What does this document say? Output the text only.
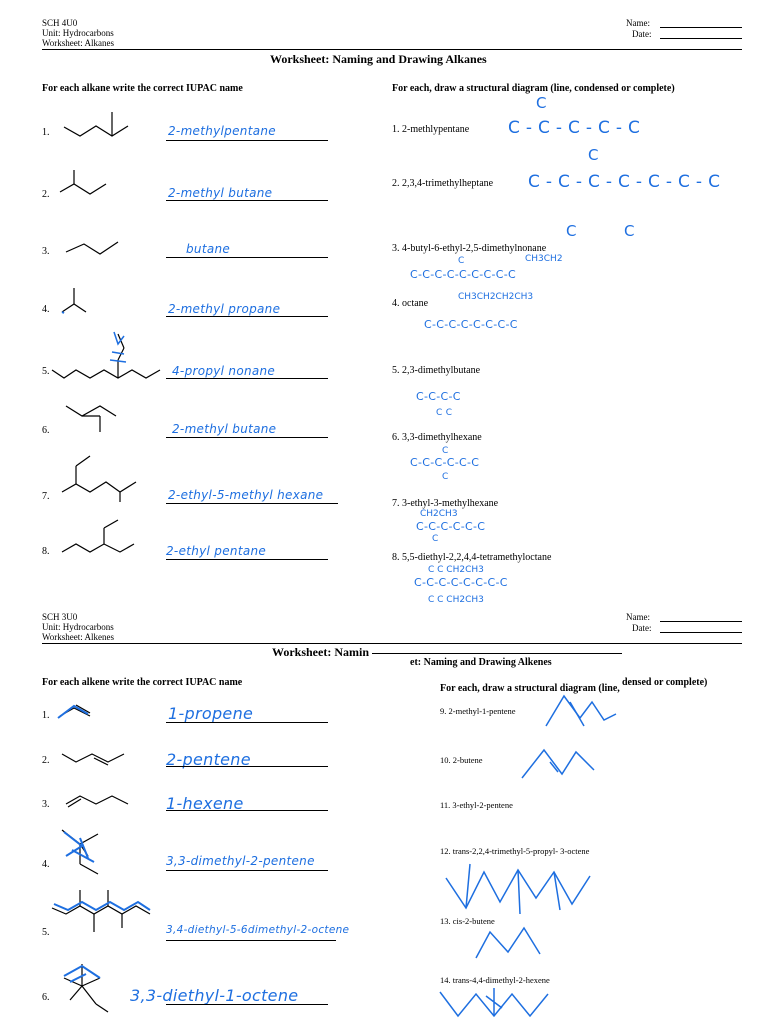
SCH 4U0
Unit: Hydrocarbons
Worksheet: Alkanes
Name:
Date:
Worksheet: Naming and Drawing Alkanes
For each alkane write the correct IUPAC name	For each, draw a structural diagram (line, condensed or complete)
1.	2-methylpentane
2.	2-methyl butane
3.	butane
4.	2-methyl propane
5.	4-propyl nonane
6.	2-methyl butane
7.	2-ethyl-5-methyl hexane
8.	2-ethyl pentane
1. 2-methlypentane C - C - C - C - C
C
2. 2,3,4-trimethylheptane C - C - C - C - C - C - C
C
C	C
3. 4-butyl-6-ethyl-2,5-dimethylnonane
C-C-C-C-C-C-C-C-C
CH3CH2
CH3CH2CH2CH3
C
4. octane
C-C-C-C-C-C-C-C
5. 2,3-dimethylbutane
C-C-C-C
C C
6. 3,3-dimethylhexane
C-C-C-C-C-C
C
C
7. 3-ethyl-3-methylhexane
C-C-C-C-C-C
CH2CH3
C
8. 5,5-diethyl-2,2,4,4-tetramethyloctane
C-C-C-C-C-C-C-C
C C CH2CH3
C C CH2CH3
SCH 3U0
Unit: Hydrocarbons
Worksheet: Alkenes
Name:
Date:
Worksheet: Namin
et: Naming and Drawing Alkenes
For each alkene write the correct IUPAC name
For each, draw a structural diagram (line,
densed or complete)
1.	1-propene
2.	2-pentene
3.	1-hexene
4.	3,3-dimethyl-2-pentene
5.	3,4-diethyl-5-6dimethyl-2-octene
6.	3,3-diethyl-1-octene
9. 2-methyl-1-pentene
10. 2-butene
11. 3-ethyl-2-pentene
12. trans-2,2,4-trimethyl-5-propyl- 3-octene
13. cis-2-butene
14. trans-4,4-dimethyl-2-hexene
